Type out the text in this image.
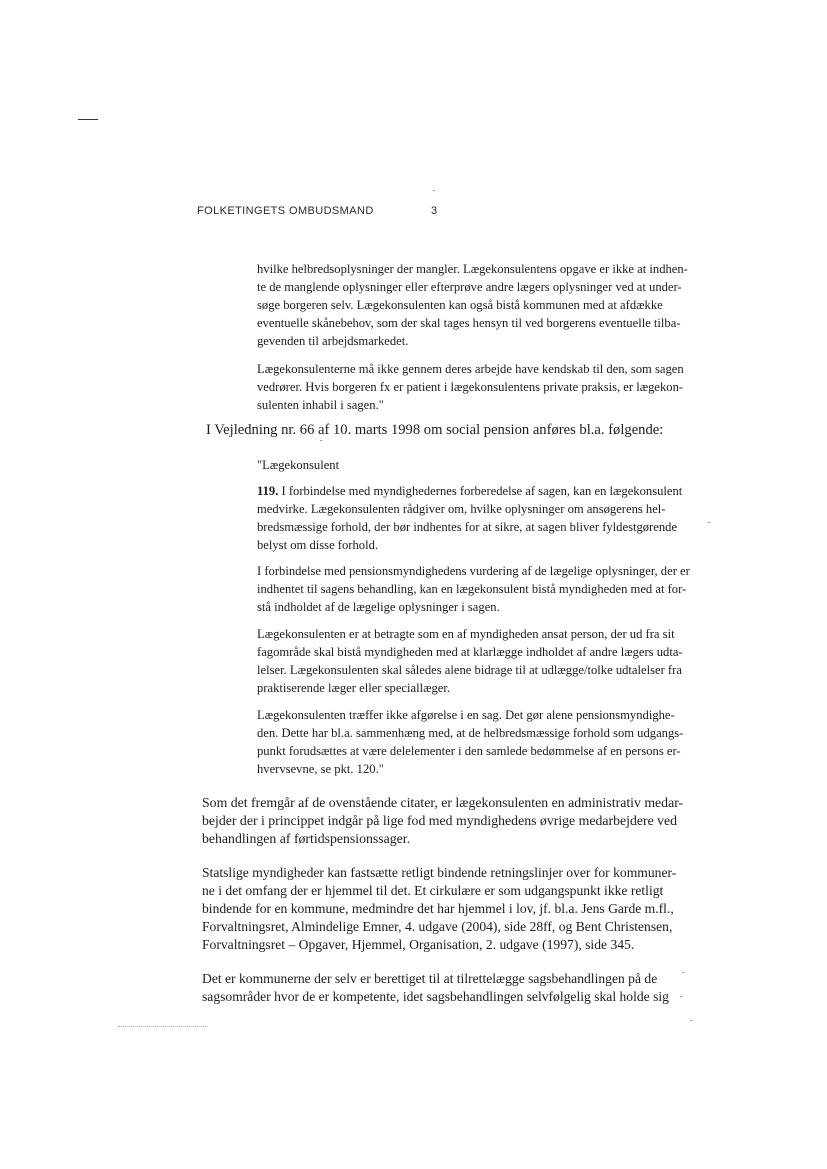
FOLKETINGETS OMBUDSMAND	3
hvilke helbredsoplysninger der mangler. Lægekonsulentens opgave er ikke at indhen-
te de manglende oplysninger eller efterprøve andre lægers oplysninger ved at under-
søge borgeren selv. Lægekonsulenten kan også bistå kommunen med at afdække
eventuelle skånebehov, som der skal tages hensyn til ved borgerens eventuelle tilba-
gevenden til arbejdsmarkedet.
Lægekonsulenterne må ikke gennem deres arbejde have kendskab til den, som sagen
vedrører. Hvis borgeren fx er patient i lægekonsulentens private praksis, er lægekon-
sulenten inhabil i sagen."
I Vejledning nr. 66 af 10. marts 1998 om social pension anføres bl.a. følgende:
"Lægekonsulent
119. I forbindelse med myndighedernes forberedelse af sagen, kan en lægekonsulent
medvirke. Lægekonsulenten rådgiver om, hvilke oplysninger om ansøgerens hel-
bredsmæssige forhold, der bør indhentes for at sikre, at sagen bliver fyldestgørende
belyst om disse forhold.
I forbindelse med pensionsmyndighedens vurdering af de lægelige oplysninger, der er
indhentet til sagens behandling, kan en lægekonsulent bistå myndigheden med at for-
stå indholdet af de lægelige oplysninger i sagen.
Lægekonsulenten er at betragte som en af myndigheden ansat person, der ud fra sit
fagområde skal bistå myndigheden med at klarlægge indholdet af andre lægers udta-
lelser. Lægekonsulenten skal således alene bidrage til at udlægge/tolke udtalelser fra
praktiserende læger eller speciallæger.
Lægekonsulenten træffer ikke afgørelse i en sag. Det gør alene pensionsmyndighe-
den. Dette har bl.a. sammenhæng med, at de helbredsmæssige forhold som udgangs-
punkt forudsættes at være delelementer i den samlede bedømmelse af en persons er-
hvervsevne, se pkt. 120."
Som det fremgår af de ovenstående citater, er lægekonsulenten en administrativ medar-
bejder der i princippet indgår på lige fod med myndighedens øvrige medarbejdere ved
behandlingen af førtidspensionssager.
Statslige myndigheder kan fastsætte retligt bindende retningslinjer over for kommuner-
ne i det omfang der er hjemmel til det. Et cirkulære er som udgangspunkt ikke retligt
bindende for en kommune, medmindre det har hjemmel i lov, jf. bl.a. Jens Garde m.fl.,
Forvaltningsret, Almindelige Emner, 4. udgave (2004), side 28ff, og Bent Christensen,
Forvaltningsret – Opgaver, Hjemmel, Organisation, 2. udgave (1997), side 345.
Det er kommunerne der selv er berettiget til at tilrettelægge sagsbehandlingen på de
sagsområder hvor de er kompetente, idet sagsbehandlingen selvfølgelig skal holde sig
